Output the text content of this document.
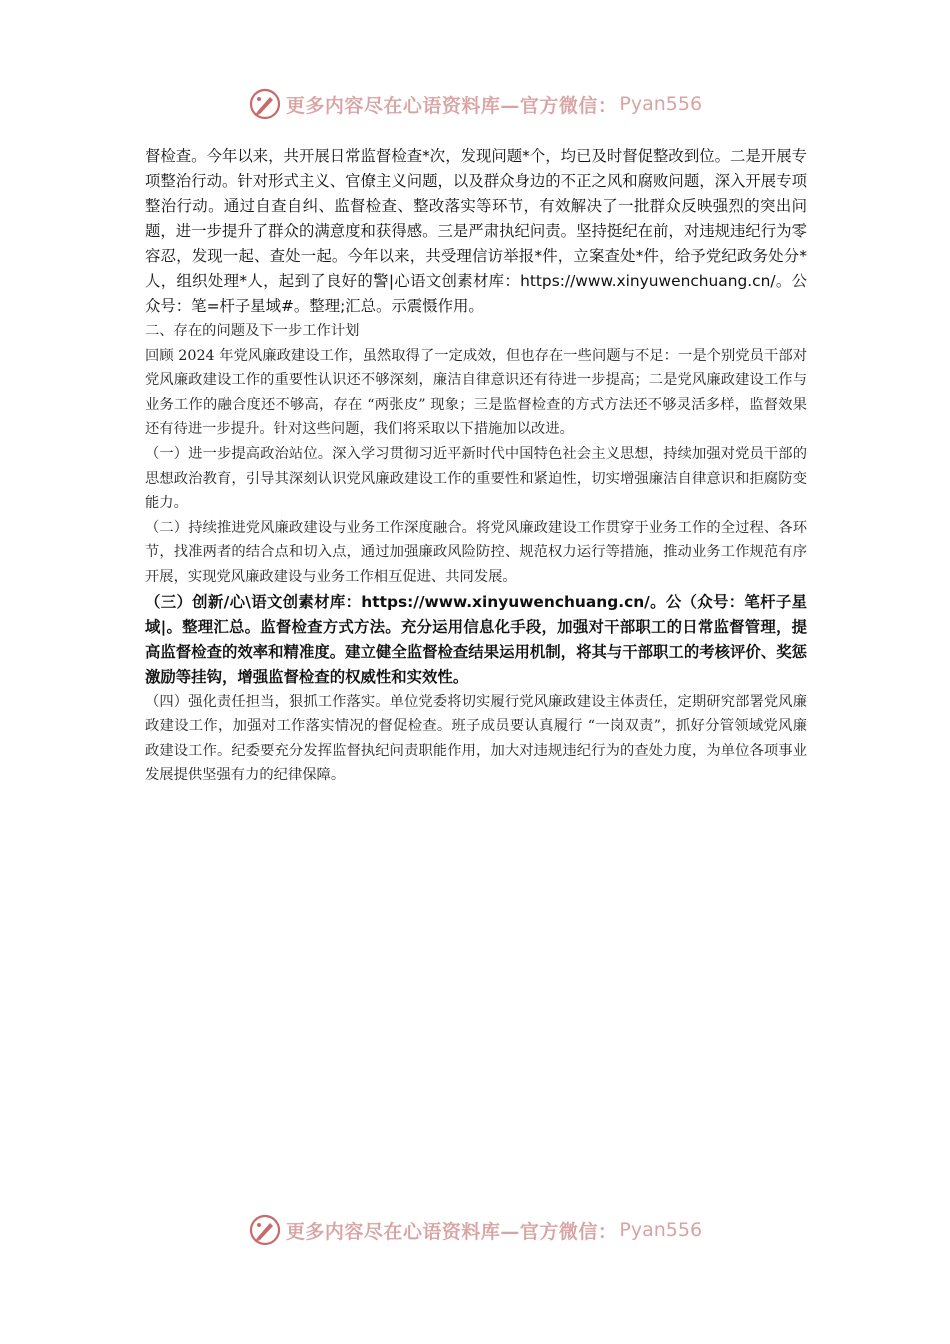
更多内容尽在心语资料库—官方微信： Pyan556

督检查。今年以来，共开展日常监督检查*次，发现问题*个，均已及时督促整改到位。二是开展专项整治行动。针对形式主义、官僚主义问题，以及群众身边的不正之风和腐败问题，深入开展专项整治行动。通过自查自纠、监督检查、整改落实等环节，有效解决了一批群众反映强烈的突出问题，进一步提升了群众的满意度和获得感。三是严肃执纪问责。坚持挺纪在前，对违规违纪行为零容忍，发现一起、查处一起。今年以来，共受理信访举报*件，立案查处*件，给予党纪政务处分*人，组织处理*人，起到了良好的警|心语文创素材库：https://www.xinyuwenchuang.cn/。公众号：笔=杆子星域#。整理;汇总。示震慑作用。

二、存在的问题及下一步工作计划

回顾 2024 年党风廉政建设工作，虽然取得了一定成效，但也存在一些问题与不足：一是个别党员干部对党风廉政建设工作的重要性认识还不够深刻，廉洁自律意识还有待进一步提高；二是党风廉政建设工作与业务工作的融合度还不够高，存在 “两张皮” 现象；三是监督检查的方式方法还不够灵活多样，监督效果还有待进一步提升。针对这些问题，我们将采取以下措施加以改进。

（一）进一步提高政治站位。深入学习贯彻习近平新时代中国特色社会主义思想，持续加强对党员干部的思想政治教育，引导其深刻认识党风廉政建设工作的重要性和紧迫性，切实增强廉洁自律意识和拒腐防变能力。

（二）持续推进党风廉政建设与业务工作深度融合。将党风廉政建设工作贯穿于业务工作的全过程、各环节，找准两者的结合点和切入点，通过加强廉政风险防控、规范权力运行等措施，推动业务工作规范有序开展，实现党风廉政建设与业务工作相互促进、共同发展。

（三）创新/心\语文创素材库：https://www.xinyuwenchuang.cn/。公（众号：笔杆子星域|。整理汇总。监督检查方式方法。充分运用信息化手段，加强对干部职工的日常监督管理，提高监督检查的效率和精准度。建立健全监督检查结果运用机制，将其与干部职工的考核评价、奖惩激励等挂钩，增强监督检查的权威性和实效性。

（四）强化责任担当，狠抓工作落实。单位党委将切实履行党风廉政建设主体责任，定期研究部署党风廉政建设工作，加强对工作落实情况的督促检查。班子成员要认真履行 “一岗双责”，抓好分管领域党风廉政建设工作。纪委要充分发挥监督执纪问责职能作用，加大对违规违纪行为的查处力度，为单位各项事业发展提供坚强有力的纪律保障。

更多内容尽在心语资料库—官方微信： Pyan556
